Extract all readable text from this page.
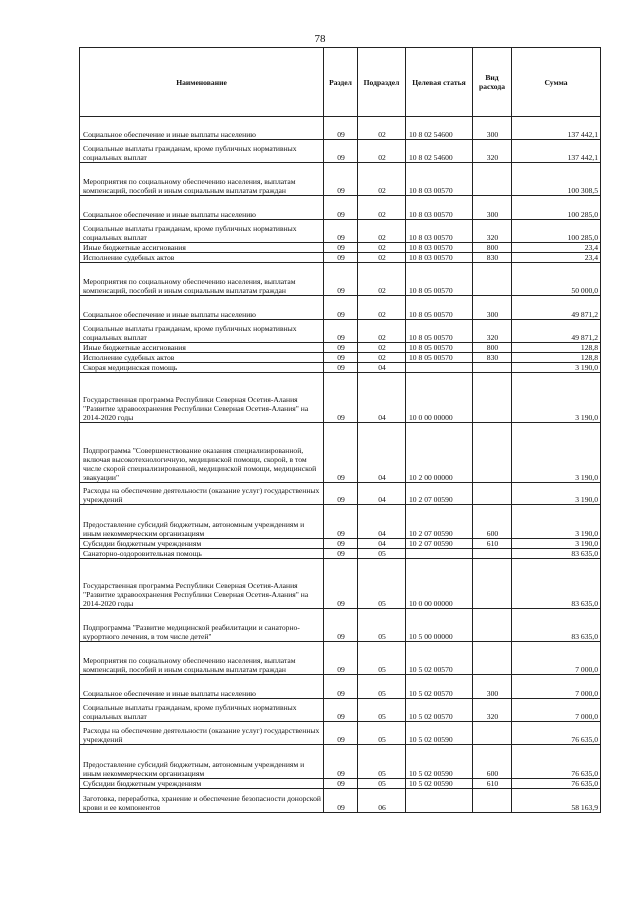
78
Наименование	Раздел	Подраздел	Целевая статья	Вид расхода	Сумма
Социальное обеспечение и иные выплаты населению	09	02	10 8 02 54600	300	137 442,1
Социальные выплаты гражданам, кроме публичных нормативных социальных выплат	09	02	10 8 02 54600	320	137 442,1
Мероприятия по социальному обеспечению населения, выплатам компенсаций, пособий и иным социальным выплатам граждан	09	02	10 8 03 00570		100 308,5
Социальное обеспечение и иные выплаты населению	09	02	10 8 03 00570	300	100 285,0
Социальные выплаты гражданам, кроме публичных нормативных социальных выплат	09	02	10 8 03 00570	320	100 285,0
Иные бюджетные ассигнования	09	02	10 8 03 00570	800	23,4
Исполнение судебных актов	09	02	10 8 03 00570	830	23,4
Мероприятия по социальному обеспечению населения, выплатам компенсаций, пособий и иным социальным выплатам граждан	09	02	10 8 05 00570		50 000,0
Социальное обеспечение и иные выплаты населению	09	02	10 8 05 00570	300	49 871,2
Социальные выплаты гражданам, кроме публичных нормативных социальных выплат	09	02	10 8 05 00570	320	49 871,2
Иные бюджетные ассигнования	09	02	10 8 05 00570	800	128,8
Исполнение судебных актов	09	02	10 8 05 00570	830	128,8
Скорая медицинская помощь	09	04			3 190,0
Государственная программа Республики Северная Осетия-Алания "Развитие здравоохранения Республики Северная Осетия-Алания" на 2014-2020 годы	09	04	10 0 00 00000		3 190,0
Подпрограмма "Совершенствование оказания специализированной, включая высокотехнологичную, медицинской помощи, скорой, в том числе скорой специализированной, медицинской помощи, медицинской эвакуации"	09	04	10 2 00 00000		3 190,0
Расходы на обеспечение деятельности (оказание услуг) государственных учреждений	09	04	10 2 07 00590		3 190,0
Предоставление субсидий бюджетным, автономным учреждениям и иным некоммерческим организациям	09	04	10 2 07 00590	600	3 190,0
Субсидии бюджетным учреждениям	09	04	10 2 07 00590	610	3 190,0
Санаторно-оздоровительная помощь	09	05			83 635,0
Государственная программа Республики Северная Осетия-Алания "Развитие здравоохранения Республики Северная Осетия-Алания" на 2014-2020 годы	09	05	10 0 00 00000		83 635,0
Подпрограмма "Развитие медицинской реабилитации и санаторно-курортного лечения, в том числе детей"	09	05	10 5 00 00000		83 635,0
Мероприятия по социальному обеспечению населения, выплатам компенсаций, пособий и иным социальным выплатам граждан	09	05	10 5 02 00570		7 000,0
Социальное обеспечение и иные выплаты населению	09	05	10 5 02 00570	300	7 000,0
Социальные выплаты гражданам, кроме публичных нормативных социальных выплат	09	05	10 5 02 00570	320	7 000,0
Расходы на обеспечение деятельности (оказание услуг) государственных учреждений	09	05	10 5 02 00590		76 635,0
Предоставление субсидий бюджетным, автономным учреждениям и иным некоммерческим организациям	09	05	10 5 02 00590	600	76 635,0
Субсидии бюджетным учреждениям	09	05	10 5 02 00590	610	76 635,0
Заготовка, переработка, хранение и обеспечение безопасности донорской крови и ее компонентов	09	06			58 163,9
